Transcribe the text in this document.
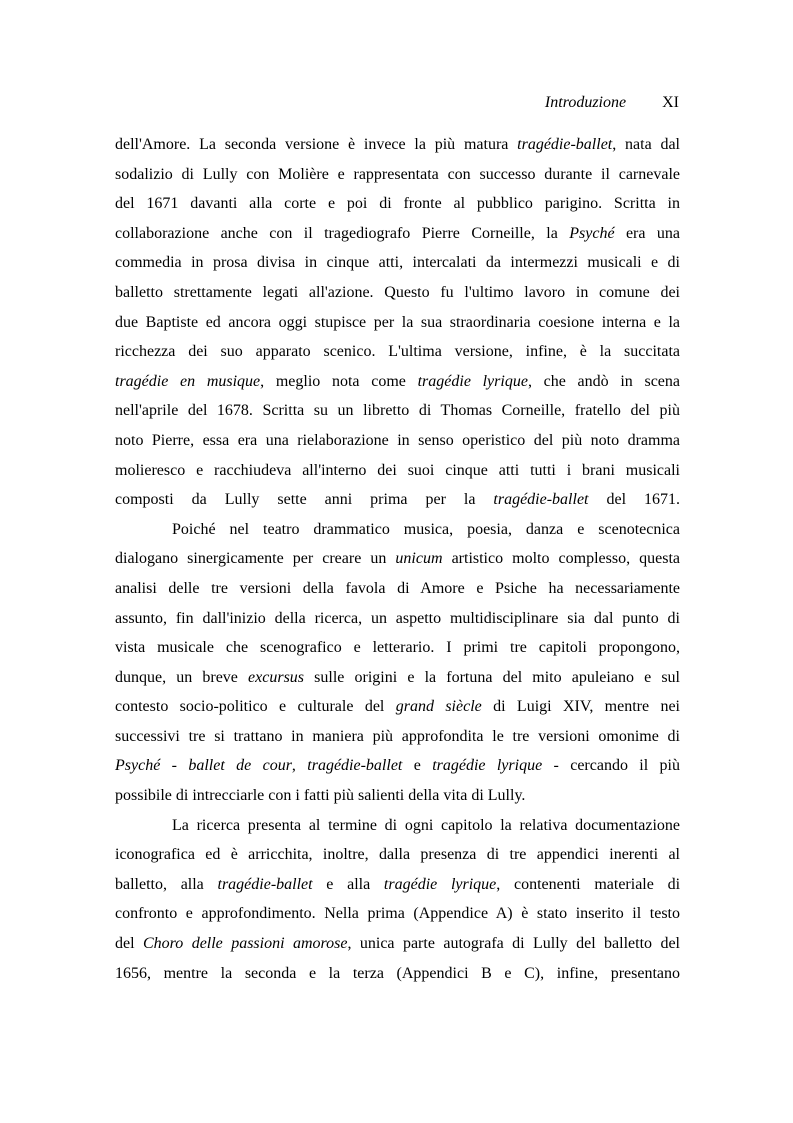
Introduzione XI
dell'Amore. La seconda versione è invece la più matura tragédie-ballet, nata dal
sodalizio di Lully con Molière e rappresentata con successo durante il carnevale
del 1671 davanti alla corte e poi di fronte al pubblico parigino. Scritta in
collaborazione anche con il tragediografo Pierre Corneille, la Psyché era una
commedia in prosa divisa in cinque atti, intercalati da intermezzi musicali e di
balletto strettamente legati all'azione. Questo fu l'ultimo lavoro in comune dei
due Baptiste ed ancora oggi stupisce per la sua straordinaria coesione interna e la
ricchezza dei suo apparato scenico. L'ultima versione, infine, è la succitata
tragédie en musique, meglio nota come tragédie lyrique, che andò in scena
nell'aprile del 1678. Scritta su un libretto di Thomas Corneille, fratello del più
noto Pierre, essa era una rielaborazione in senso operistico del più noto dramma
molieresco e racchiudeva all'interno dei suoi cinque atti tutti i brani musicali
composti da Lully sette anni prima per la tragédie-ballet del 1671.
Poiché nel teatro drammatico musica, poesia, danza e scenotecnica
dialogano sinergicamente per creare un unicum artistico molto complesso, questa
analisi delle tre versioni della favola di Amore e Psiche ha necessariamente
assunto, fin dall'inizio della ricerca, un aspetto multidisciplinare sia dal punto di
vista musicale che scenografico e letterario. I primi tre capitoli propongono,
dunque, un breve excursus sulle origini e la fortuna del mito apuleiano e sul
contesto socio-politico e culturale del grand siècle di Luigi XIV, mentre nei
successivi tre si trattano in maniera più approfondita le tre versioni omonime di
Psyché - ballet de cour, tragédie-ballet e tragédie lyrique - cercando il più
possibile di intrecciarle con i fatti più salienti della vita di Lully.
La ricerca presenta al termine di ogni capitolo la relativa documentazione
iconografica ed è arricchita, inoltre, dalla presenza di tre appendici inerenti al
balletto, alla tragédie-ballet e alla tragédie lyrique, contenenti materiale di
confronto e approfondimento. Nella prima (Appendice A) è stato inserito il testo
del Choro delle passioni amorose, unica parte autografa di Lully del balletto del
1656, mentre la seconda e la terza (Appendici B e C), infine, presentano
